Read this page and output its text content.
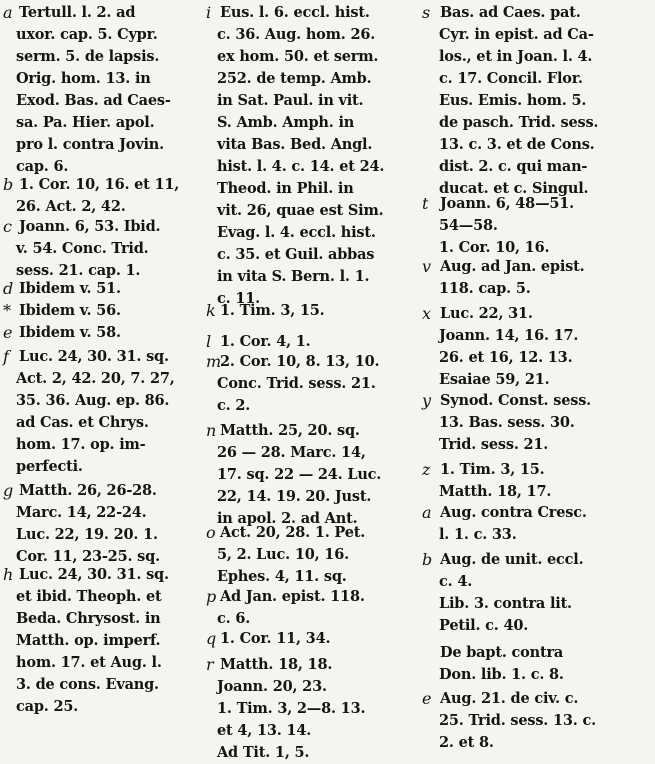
a Tertull. l. 2. ad
uxor. cap. 5. Cypr.
serm. 5. de lapsis.
Orig. hom. 13. in
Exod. Bas. ad Caes-
sa. Pa. Hier. apol.
pro l. contra Jovin.
cap. 6.
b 1. Cor. 10, 16. et 11,
26. Act. 2, 42.
c Joann. 6, 53. Ibid.
v. 54. Conc. Trid.
sess. 21. cap. 1.
d Ibidem v. 51.
* Ibidem v. 56.
e Ibidem v. 58.
f Luc. 24, 30. 31. sq.
Act. 2, 42. 20, 7. 27,
35. 36. Aug. ep. 86.
ad Cas. et Chrys.
hom. 17. op. im-
perfecti.
g Matth. 26, 26-28.
Marc. 14, 22-24.
Luc. 22, 19. 20. 1.
Cor. 11, 23-25. sq.
h Luc. 24, 30. 31. sq.
et ibid. Theoph. et
Beda. Chrysost. in
Matth. op. imperf.
hom. 17. et Aug. l.
3. de cons. Evang.
cap. 25.
i Eus. l. 6. eccl. hist.
c. 36. Aug. hom. 26.
ex hom. 50. et serm.
252. de temp. Amb.
in Sat. Paul. in vit.
S. Amb. Amph. in
vita Bas. Bed. Angl.
hist. l. 4. c. 14. et 24.
Theod. in Phil. in
vit. 26, quae est Sim.
Evag. l. 4. eccl. hist.
c. 35. et Guil. abbas
in vita S. Bern. l. 1.
c. 11.
k 1. Tim. 3, 15.
l 1. Cor. 4, 1.
m
2. Cor. 10, 8. 13, 10.
Conc. Trid. sess. 21.
c. 2.
n Matth. 25, 20. sq.
26 — 28. Marc. 14,
17. sq. 22 — 24. Luc.
22, 14. 19. 20. Just.
in apol. 2. ad Ant.
o Act. 20, 28. 1. Pet.
5, 2. Luc. 10, 16.
Ephes. 4, 11. sq.
p Ad Jan. epist. 118.
c. 6.
q 1. Cor. 11, 34.
r Matth. 18, 18.
Joann. 20, 23.
1. Tim. 3, 2—8. 13.
et 4, 13. 14.
Ad Tit. 1, 5.
s Bas. ad Caes. pat.
Cyr. in epist. ad Ca-
los., et in Joan. l. 4.
c. 17. Concil. Flor.
Eus. Emis. hom. 5.
de pasch. Trid. sess.
13. c. 3. et de Cons.
dist. 2. c. qui man-
ducat. et c. Singul.
t Joann. 6, 48—51.
54—58.
1. Cor. 10, 16.
v Aug. ad Jan. epist.
118. cap. 5.
x Luc. 22, 31.
Joann. 14, 16. 17.
26. et 16, 12. 13.
Esaiae 59, 21.
y Synod. Const. sess.
13. Bas. sess. 30.
Trid. sess. 21.
z 1. Tim. 3, 15.
Matth. 18, 17.
a Aug. contra Cresc.
l. 1. c. 33.
b Aug. de unit. eccl.
c. 4.
Lib. 3. contra lit.
Petil. c. 40.
De bapt. contra
Don. lib. 1. c. 8.
e Aug. 21. de civ. c.
25. Trid. sess. 13. c.
2. et 8.
